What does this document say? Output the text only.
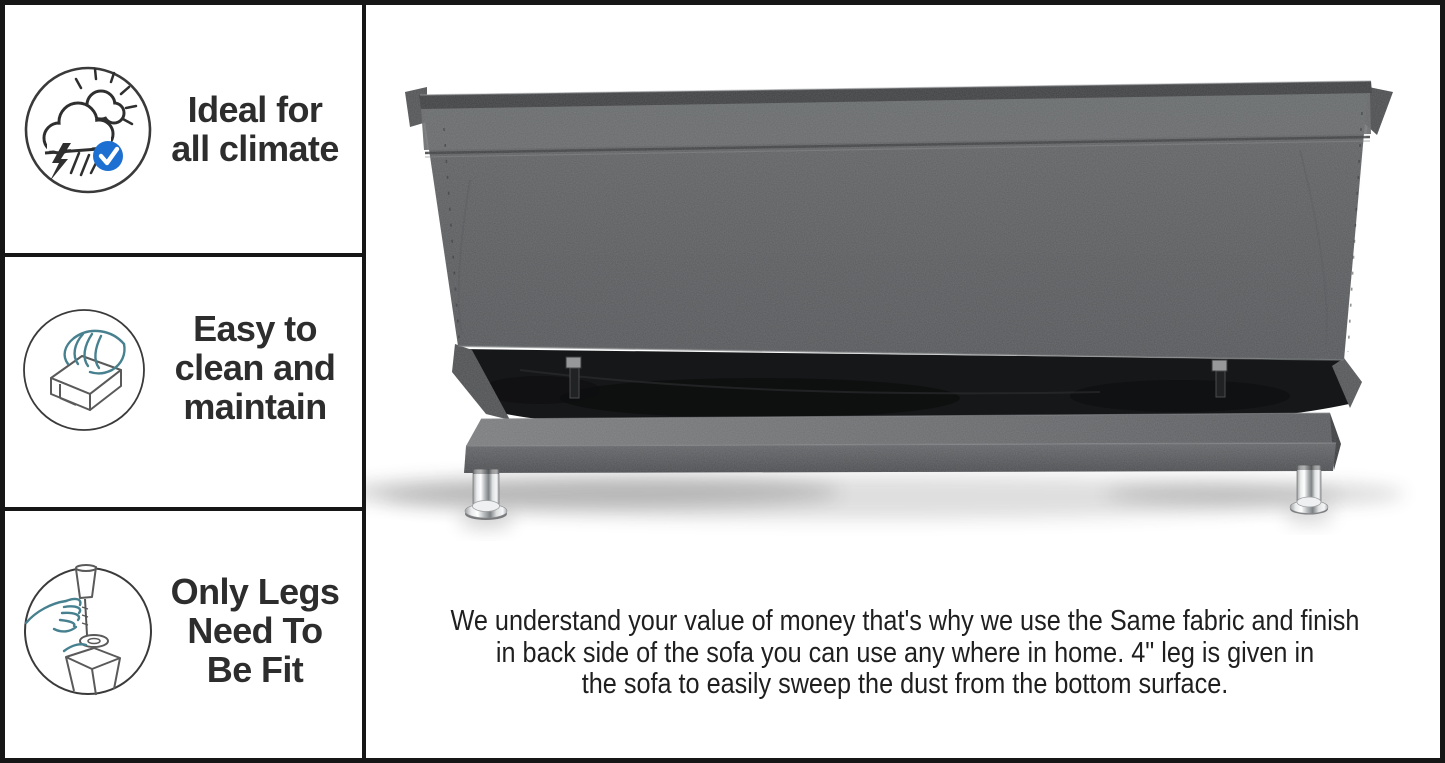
Ideal for
all climate
Easy to
clean and
maintain
Only Legs
Need To
Be Fit
We understand your value of money that's why we use the Same fabric and finish
in back side of the sofa you can use any where in home. 4" leg is given in
the sofa to easily sweep the dust from the bottom surface.
